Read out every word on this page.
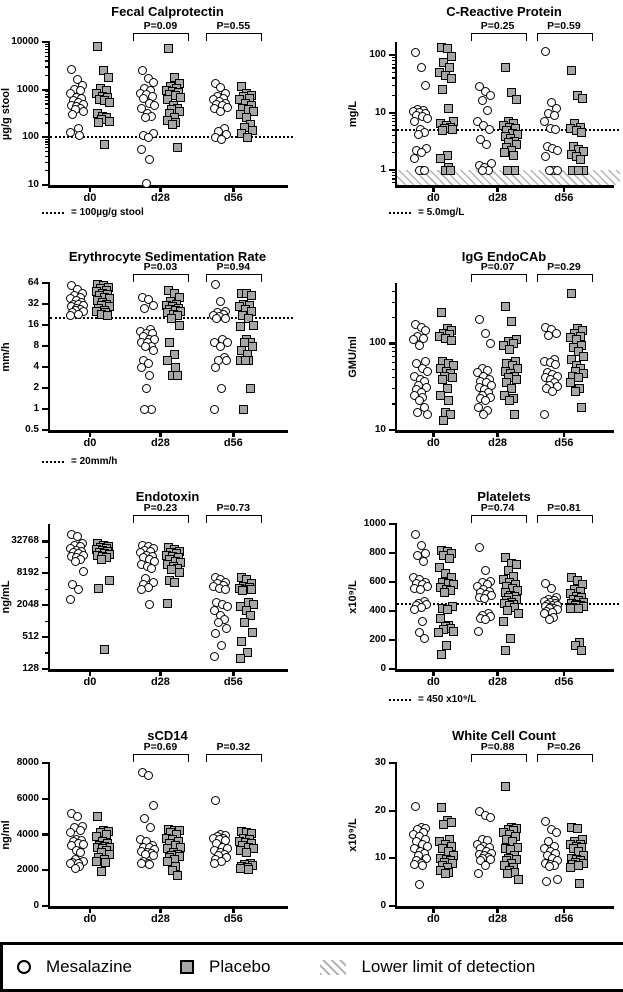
Fecal Calprotectin
10
100
1000
10000
µg/g stool
d0	d28	d56
P=0.09	P=0.55
= 100µg/g stool
C-Reactive Protein
1
10
100
mg/L
d0	d28	d56
P=0.25	P=0.59
= 5.0mg/L
Erythrocyte Sedimentation Rate
0.5
1
2
4
8
16
32
64
mm/h
d0	d28	d56
P=0.03	P=0.94
= 20mm/h
IgG EndoCAb
10
100
GMU/ml
d0	d28	d56
P=0.07	P=0.29
Endotoxin
128
512
2048
8192
32768
ng/mL
d0	d28	d56
P=0.23	P=0.73
Platelets
0
200
400
600
800
1000
x10⁹/L
d0	d28	d56
P=0.74	P=0.81
= 450 x10⁹/L
sCD14
0
2000
4000
6000
8000
ng/ml
d0	d28	d56
P=0.69	P=0.32
White Cell Count
0
10
20
30
x10⁹/L
d0	d28	d56
P=0.88	P=0.26
Mesalazine	Placebo	Lower limit of detection
